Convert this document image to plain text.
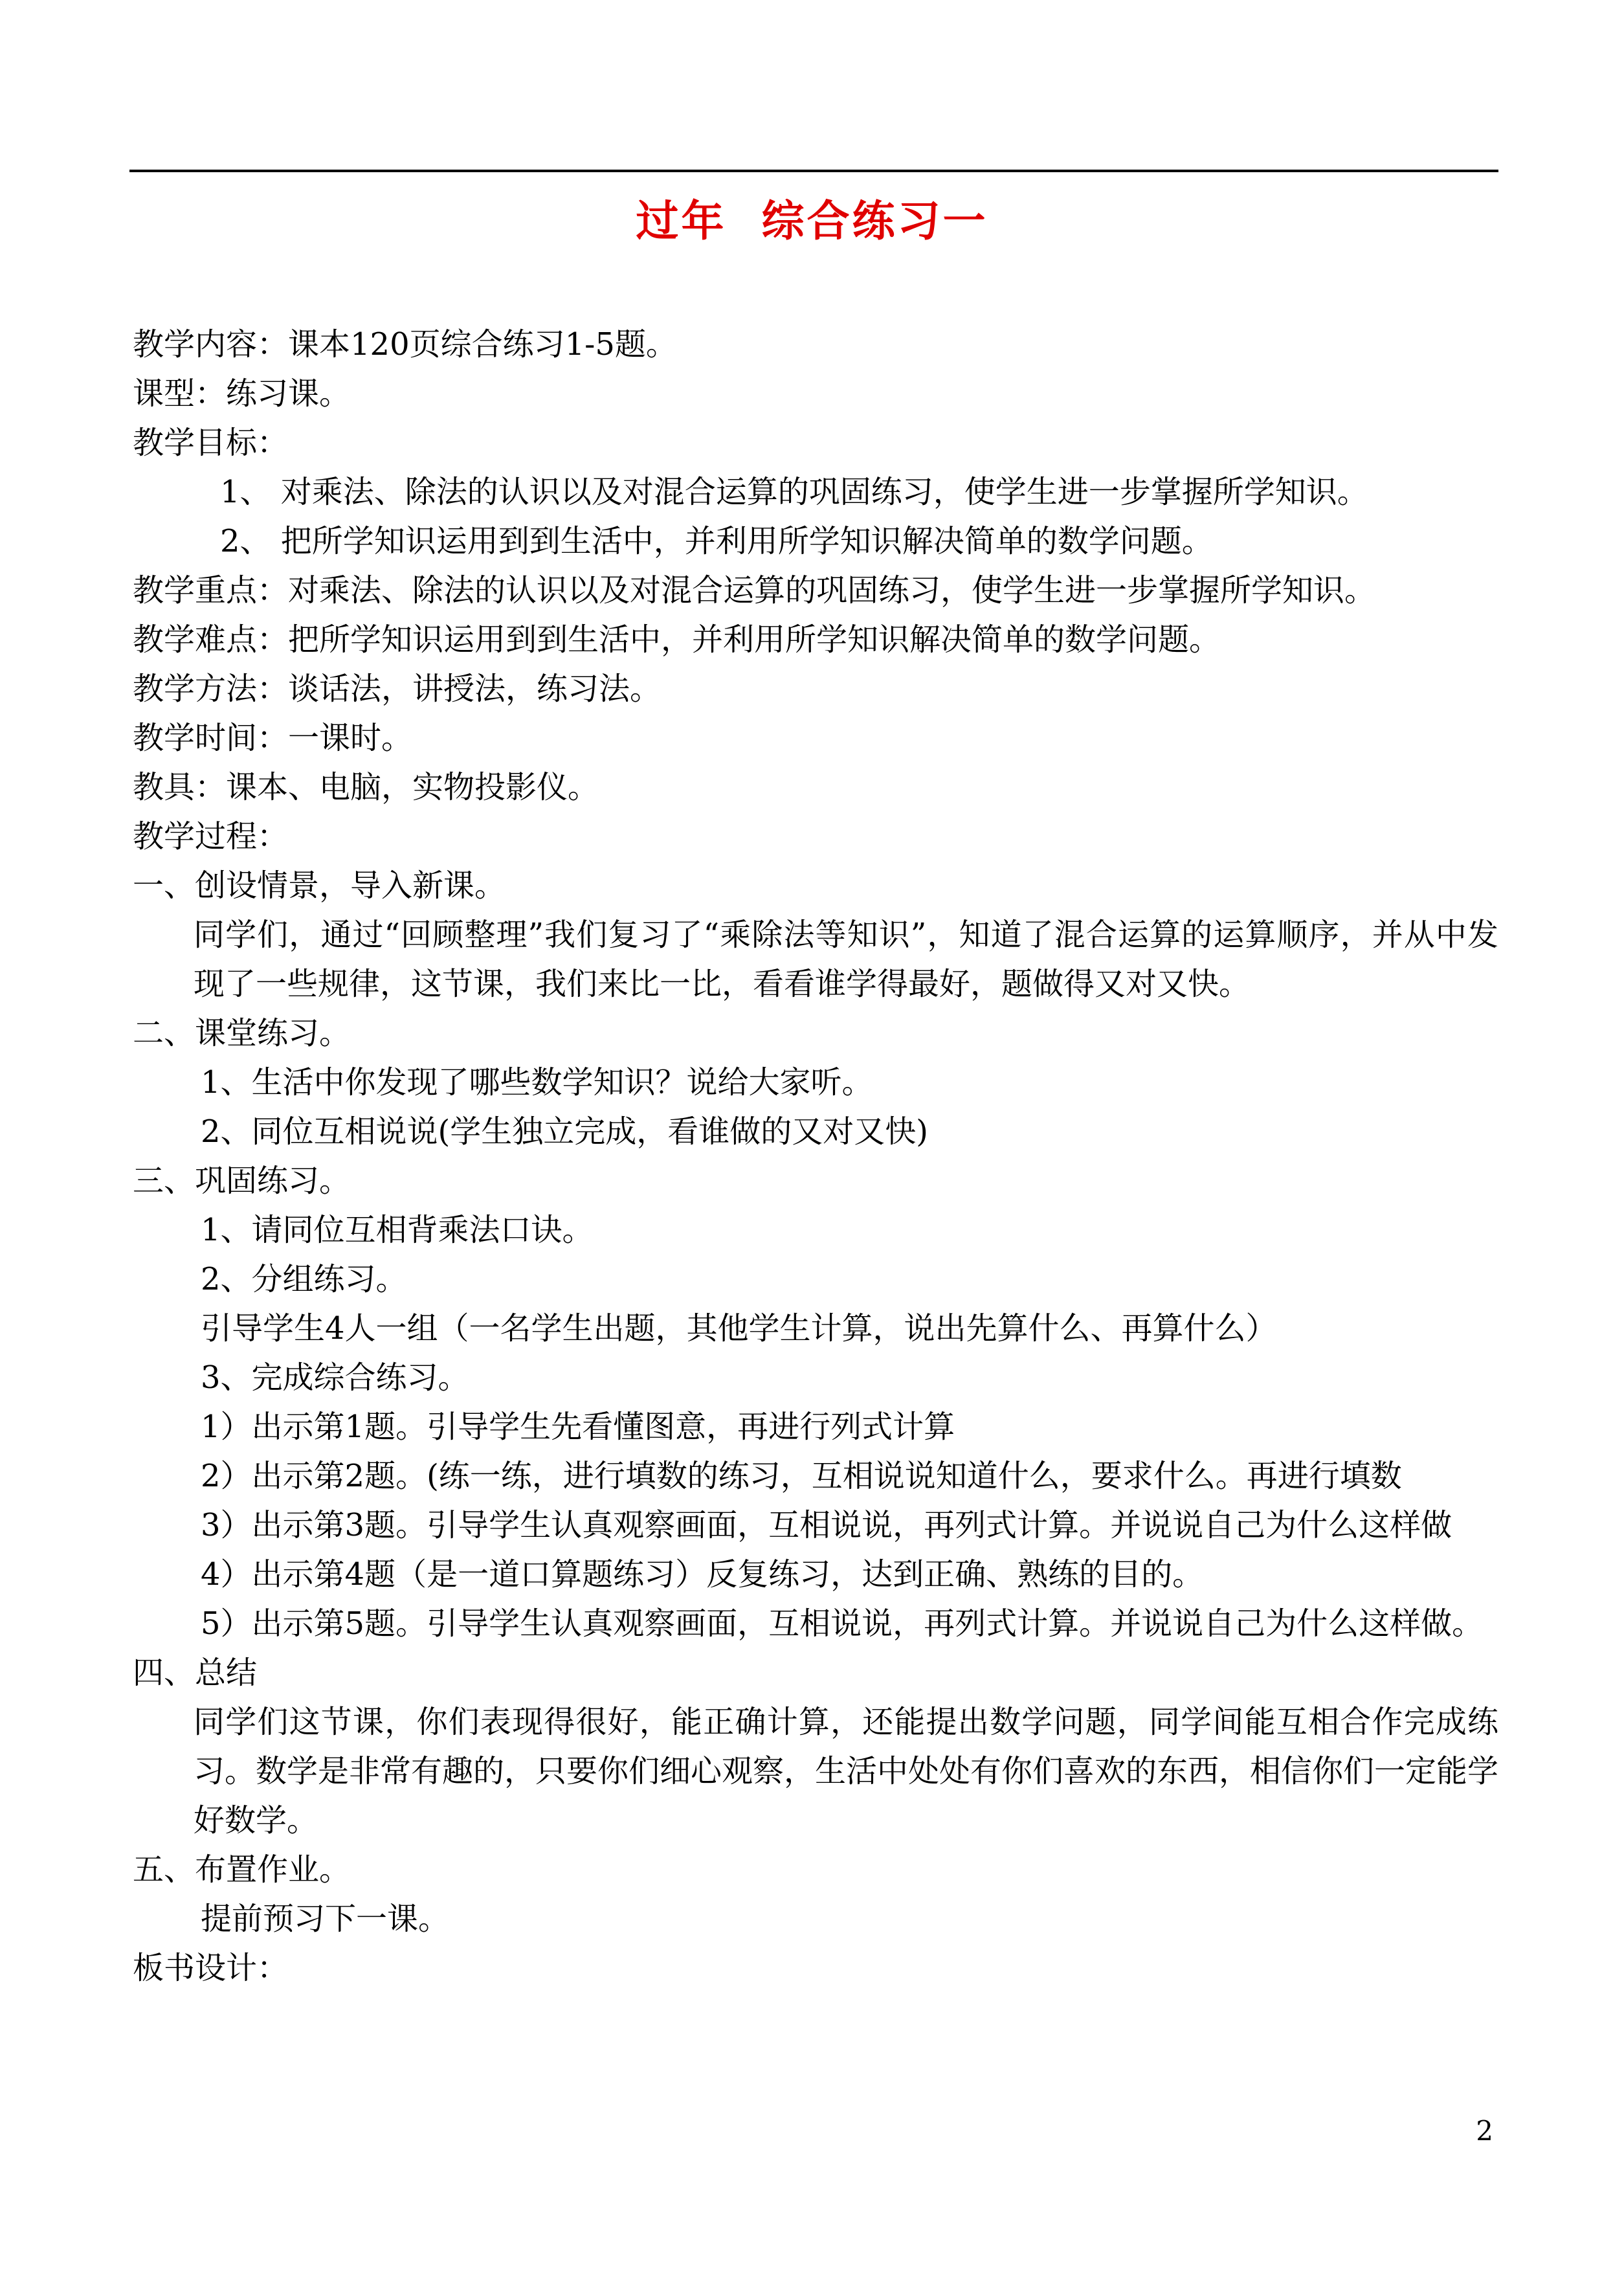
过年  综合练习一
教学内容：课本120页综合练习1-5题。
课型：练习课。
教学目标：
1、 对乘法、除法的认识以及对混合运算的巩固练习，使学生进一步掌握所学知识。
2、 把所学知识运用到到生活中，并利用所学知识解决简单的数学问题。
教学重点：对乘法、除法的认识以及对混合运算的巩固练习，使学生进一步掌握所学知识。
教学难点：把所学知识运用到到生活中，并利用所学知识解决简单的数学问题。
教学方法：谈话法，讲授法，练习法。
教学时间：一课时。
教具：课本、电脑，实物投影仪。
教学过程：
一、创设情景，导入新课。
同学们，通过“回顾整理”我们复习了“乘除法等知识”，知道了混合运算的运算顺序，并从中发现了一些规律，这节课，我们来比一比，看看谁学得最好，题做得又对又快。
二、课堂练习。
1、生活中你发现了哪些数学知识？说给大家听。
2、同位互相说说(学生独立完成，看谁做的又对又快)
三、巩固练习。
1、请同位互相背乘法口诀。
2、分组练习。
引导学生4人一组（一名学生出题，其他学生计算，说出先算什么、再算什么）
3、完成综合练习。
1）出示第1题。引导学生先看懂图意，再进行列式计算
2）出示第2题。(练一练，进行填数的练习，互相说说知道什么，要求什么。再进行填数
3）出示第3题。引导学生认真观察画面，互相说说，再列式计算。并说说自己为什么这样做
4）出示第4题（是一道口算题练习）反复练习，达到正确、熟练的目的。
5）出示第5题。引导学生认真观察画面，互相说说，再列式计算。并说说自己为什么这样做。
四、总结
同学们这节课，你们表现得很好，能正确计算，还能提出数学问题，同学间能互相合作完成练习。数学是非常有趣的，只要你们细心观察，生活中处处有你们喜欢的东西，相信你们一定能学好数学。
五、布置作业。
提前预习下一课。
板书设计：
2
